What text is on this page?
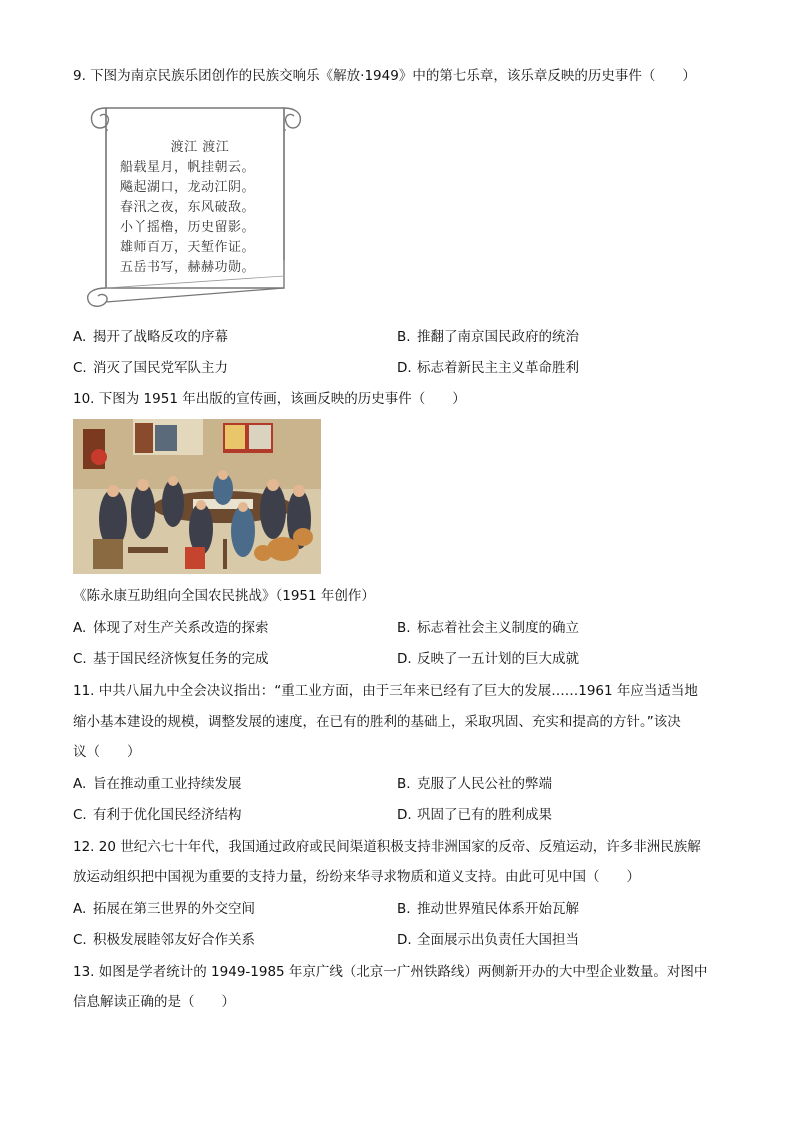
9. 下图为南京民族乐团创作的民族交响乐《解放·1949》中的第七乐章，该乐章反映的历史事件（　　）
渡江 渡江
船载星月，帆挂朝云。
飚起湖口，龙动江阴。
春汛之夜，东风破敌。
小丫摇橹，历史留影。
雄师百万，天堑作证。
五岳书写，赫赫功勋。
A. 揭开了战略反攻的序幕	B. 推翻了南京国民政府的统治
C. 消灭了国民党军队主力	D. 标志着新民主主义革命胜利
10. 下图为 1951 年出版的宣传画，该画反映的历史事件（　　）
《陈永康互助组向全国农民挑战》（1951 年创作）
A. 体现了对生产关系改造的探索	B. 标志着社会主义制度的确立
C. 基于国民经济恢复任务的完成	D. 反映了一五计划的巨大成就
11. 中共八届九中全会决议指出：“重工业方面，由于三年来已经有了巨大的发展……1961 年应当适当地
缩小基本建设的规模，调整发展的速度，在已有的胜利的基础上，采取巩固、充实和提高的方针。”该决
议（　　）
A. 旨在推动重工业持续发展	B. 克服了人民公社的弊端
C. 有利于优化国民经济结构	D. 巩固了已有的胜利成果
12. 20 世纪六七十年代，我国通过政府或民间渠道积极支持非洲国家的反帝、反殖运动，许多非洲民族解
放运动组织把中国视为重要的支持力量，纷纷来华寻求物质和道义支持。由此可见中国（　　）
A. 拓展在第三世界的外交空间	B. 推动世界殖民体系开始瓦解
C. 积极发展睦邻友好合作关系	D. 全面展示出负责任大国担当
13. 如图是学者统计的 1949-1985 年京广线（北京一广州铁路线）两侧新开办的大中型企业数量。对图中
信息解读正确的是（　　）
